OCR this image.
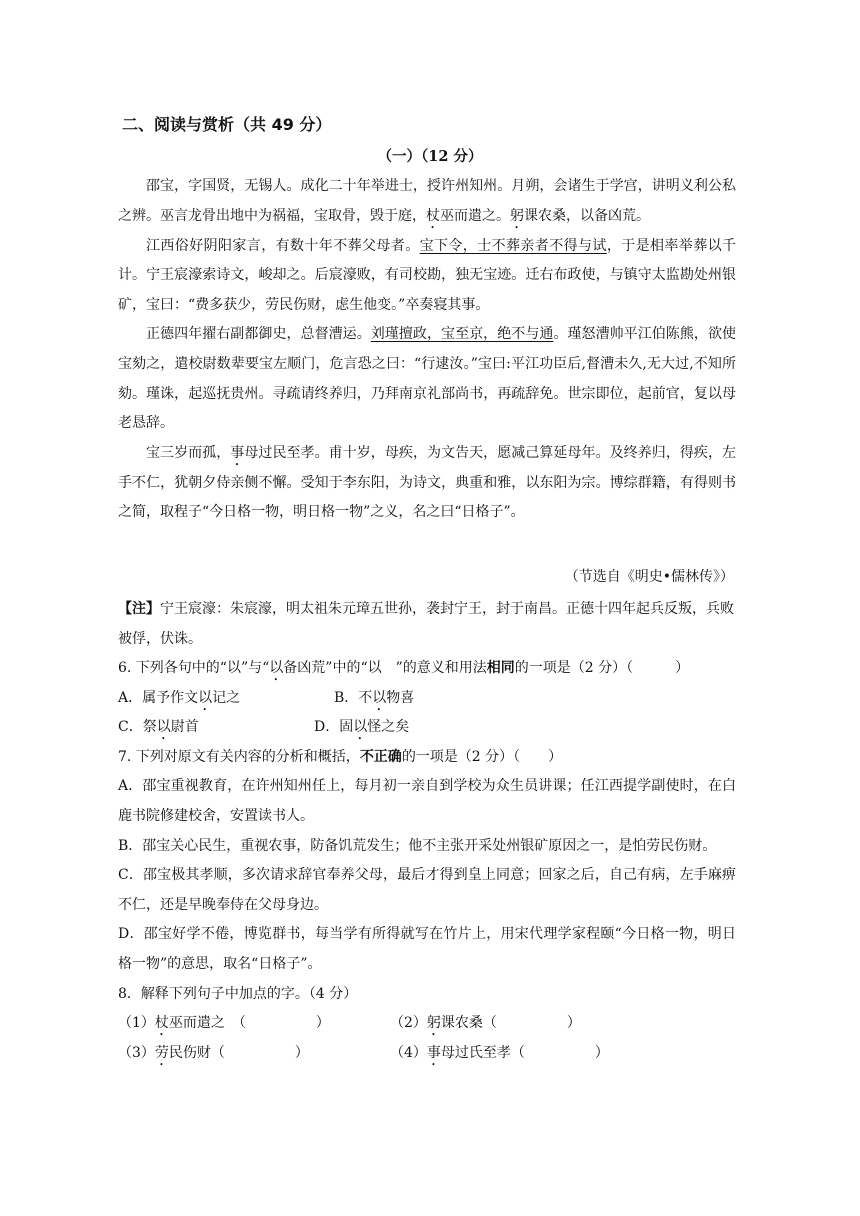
二、阅读与赏析（共 49 分）
（一）（12 分）

邵宝，字国贤，无锡人。成化二十年举进士，授许州知州。月朔，会诸生于学宫，讲明义利公私之辨。巫言龙骨出地中为祸福，宝取骨，毁于庭，杖巫而遣之。躬课农桑，以备凶荒。

江西俗好阴阳家言，有数十年不葬父母者。宝下令，士不葬亲者不得与试，于是相率举葬以千计。宁王宸濠索诗文，峻却之。后宸濠败，有司校勘，独无宝迹。迁右布政使，与镇守太监勘处州银矿，宝曰：“费多获少，劳民伤财，虑生他变。”卒奏寝其事。

正德四年擢右副都御史，总督漕运。刘瑾擅政，宝至京，绝不与通。瑾怒漕帅平江伯陈熊，欲使宝劾之，遣校尉数辈要宝左顺门，危言恐之曰：“行逮汝。”宝曰:平江功臣后,督漕未久,无大过,不知所劾。瑾诛，起巡抚贵州。寻疏请终养归，乃拜南京礼部尚书，再疏辞免。世宗即位，起前官，复以母老恳辞。

宝三岁而孤，事母过民至孝。甫十岁，母疾，为文告天，愿减己算延母年。及终养归，得疾，左手不仁，犹朝夕侍亲侧不懈。受知于李东阳，为诗文，典重和雅，以东阳为宗。博综群籍，有得则书之简，取程子“今日格一物，明日格一物”之义，名之曰“日格子”。

（节选自《明史•儒林传》）
【注】宁王宸濠：朱宸濠，明太祖朱元璋五世孙，袭封宁王，封于南昌。正德十四年起兵反叛，兵败被俘，伏诛。
6. 下列各句中的“以”与“以备凶荒”中的“以　”的意义和用法相同的一项是（2 分）（　　　）
A．属予作文以记之	B．不以物喜
C．祭以尉首	D．固以怪之矣
7. 下列对原文有关内容的分析和概括，不正确的一项是（2 分）（　　）
A．邵宝重视教育，在许州知州任上，每月初一亲自到学校为众生员讲课；任江西提学副使时，在白鹿书院修建校舍，安置读书人。
B．邵宝关心民生，重视农事，防备饥荒发生；他不主张开采处州银矿原因之一，是怕劳民伤财。
C．邵宝极其孝顺，多次请求辞官奉养父母，最后才得到皇上同意；回家之后，自己有病，左手麻痹不仁，还是早晚奉侍在父母身边。
D．邵宝好学不倦，博览群书，每当学有所得就写在竹片上，用宋代理学家程颐“今日格一物，明日格一物”的意思，取名“日格子”。
8．解释下列句子中加点的字。（4 分）
（1）杖巫而遣之　（　　　　　）	（2）躬课农桑（　　　　　）
（3）劳民伤财（　　　　　）	（4）事母过氏至孝（　　　　　）
